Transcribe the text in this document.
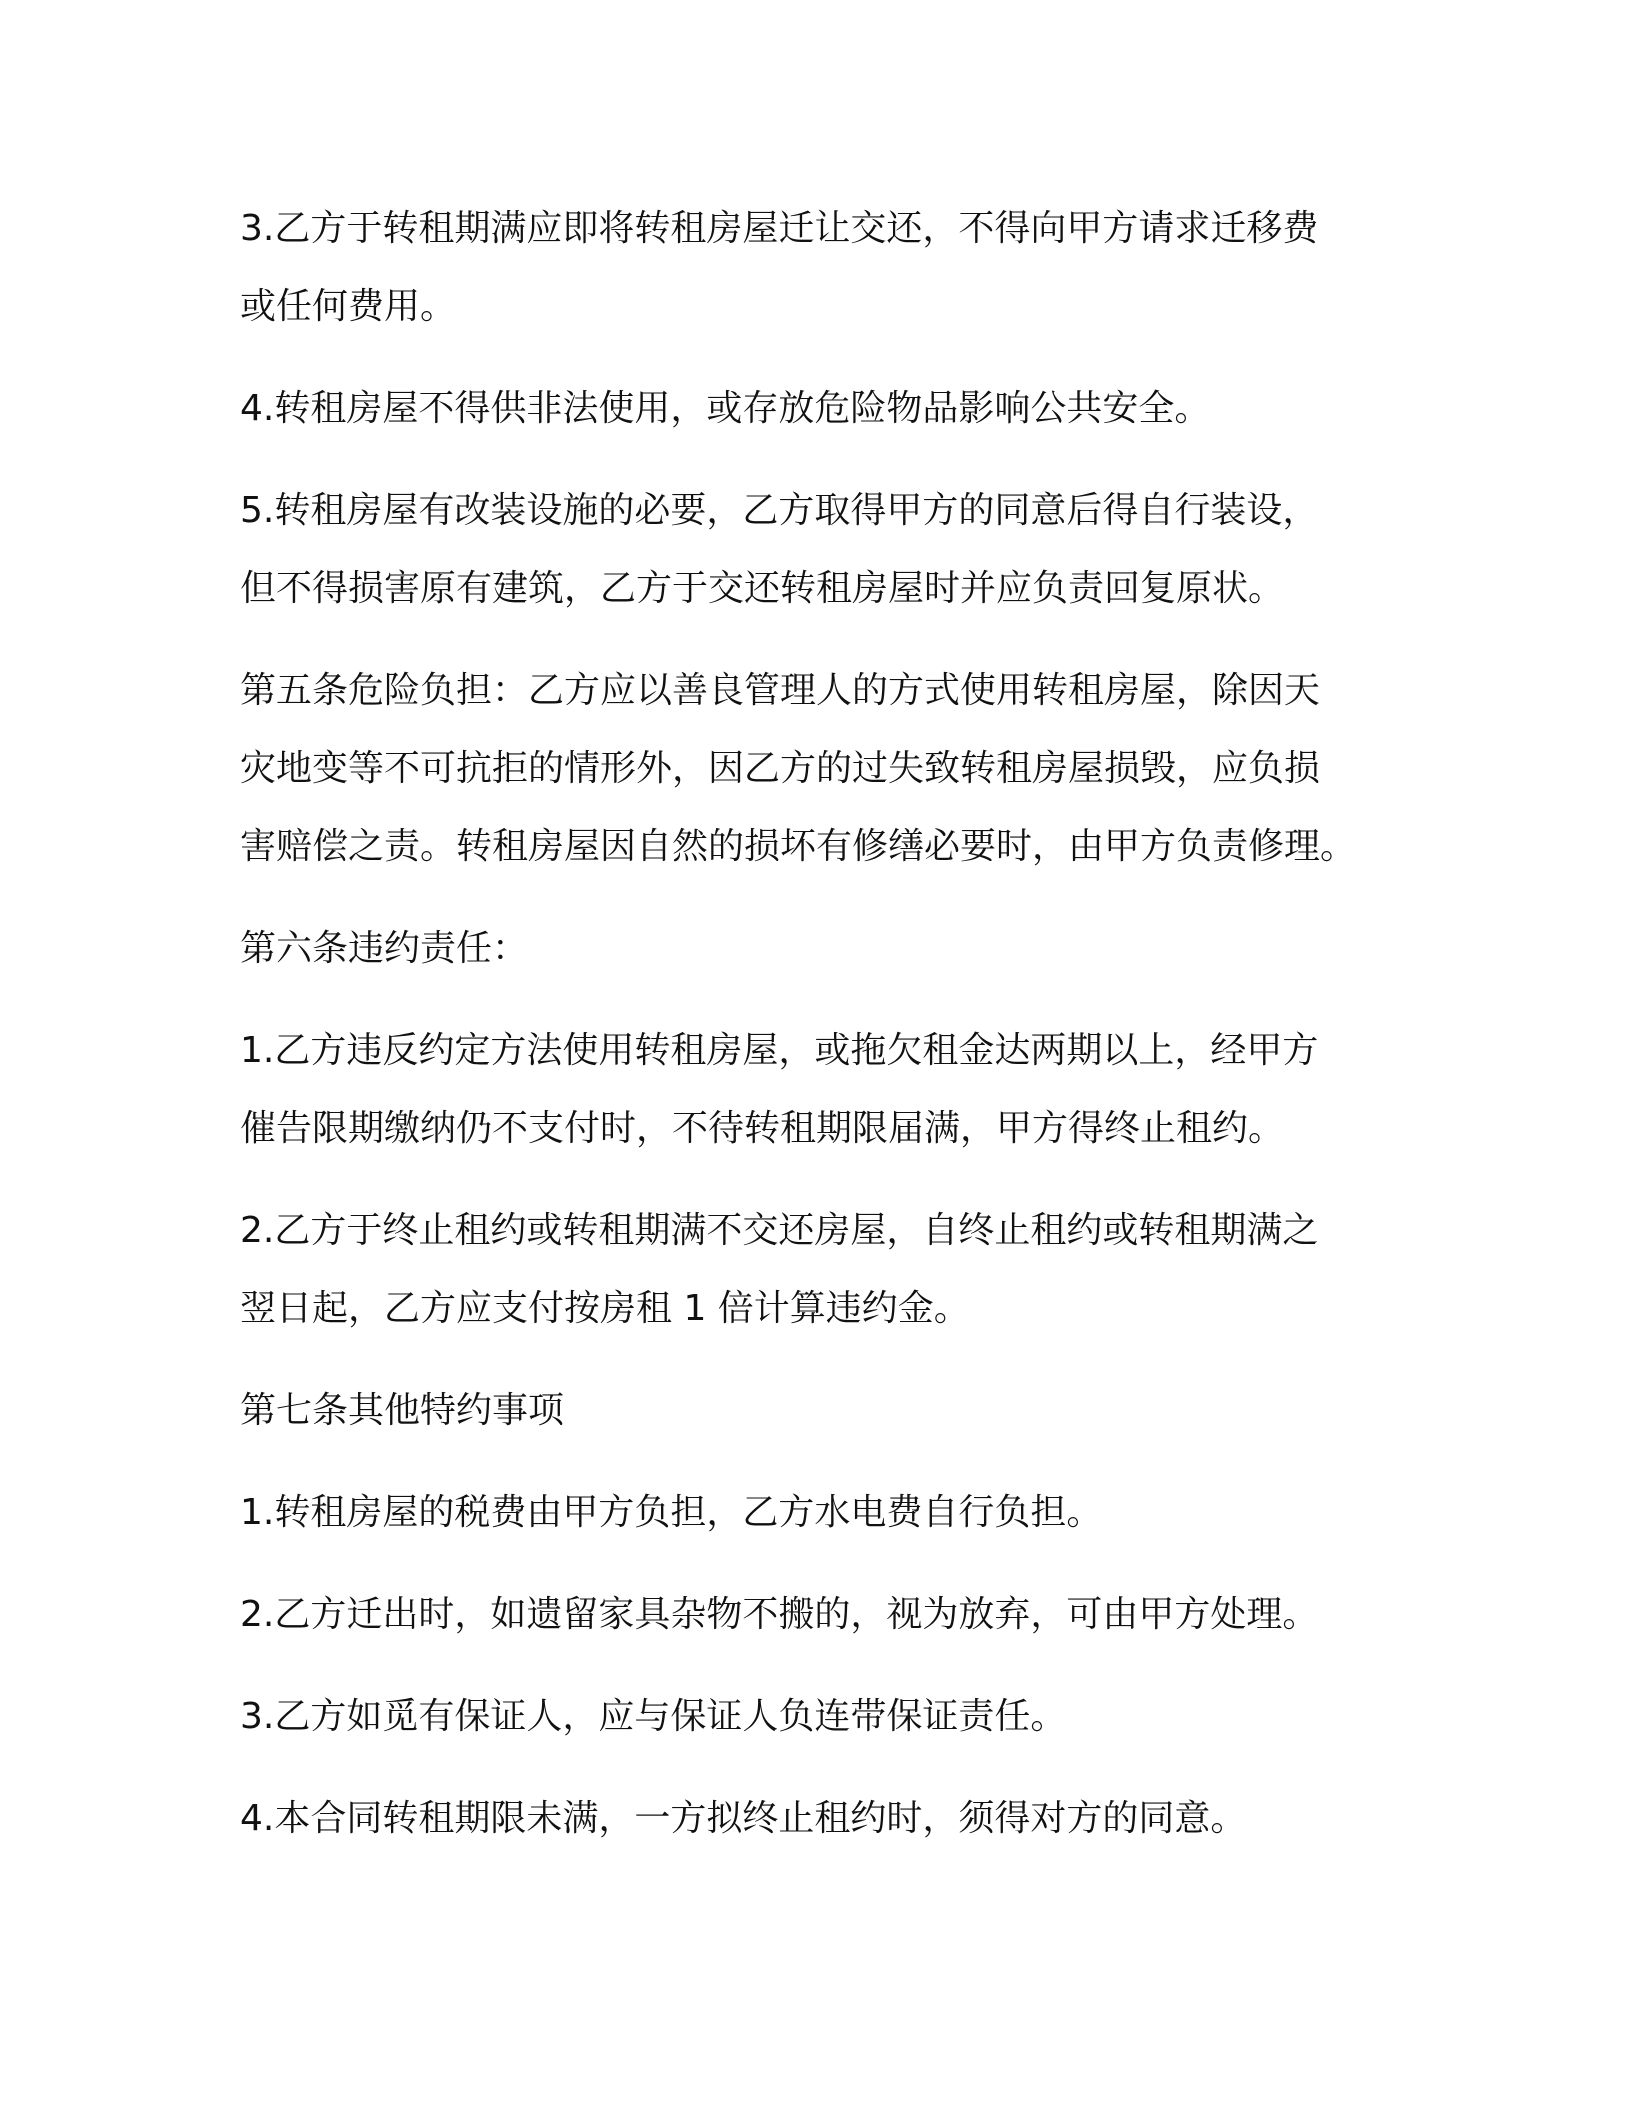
3.乙方于转租期满应即将转租房屋迁让交还，不得向甲方请求迁移费
或任何费用。

4.转租房屋不得供非法使用，或存放危险物品影响公共安全。

5.转租房屋有改装设施的必要，乙方取得甲方的同意后得自行装设，
但不得损害原有建筑，乙方于交还转租房屋时并应负责回复原状。

第五条危险负担：乙方应以善良管理人的方式使用转租房屋，除因天
灾地变等不可抗拒的情形外，因乙方的过失致转租房屋损毁，应负损
害赔偿之责。转租房屋因自然的损坏有修缮必要时，由甲方负责修理。

第六条违约责任：

1.乙方违反约定方法使用转租房屋，或拖欠租金达两期以上，经甲方
催告限期缴纳仍不支付时，不待转租期限届满，甲方得终止租约。

2.乙方于终止租约或转租期满不交还房屋，自终止租约或转租期满之
翌日起，乙方应支付按房租 1 倍计算违约金。

第七条其他特约事项

1.转租房屋的税费由甲方负担，乙方水电费自行负担。

2.乙方迁出时，如遗留家具杂物不搬的，视为放弃，可由甲方处理。

3.乙方如觅有保证人，应与保证人负连带保证责任。

4.本合同转租期限未满，一方拟终止租约时，须得对方的同意。
